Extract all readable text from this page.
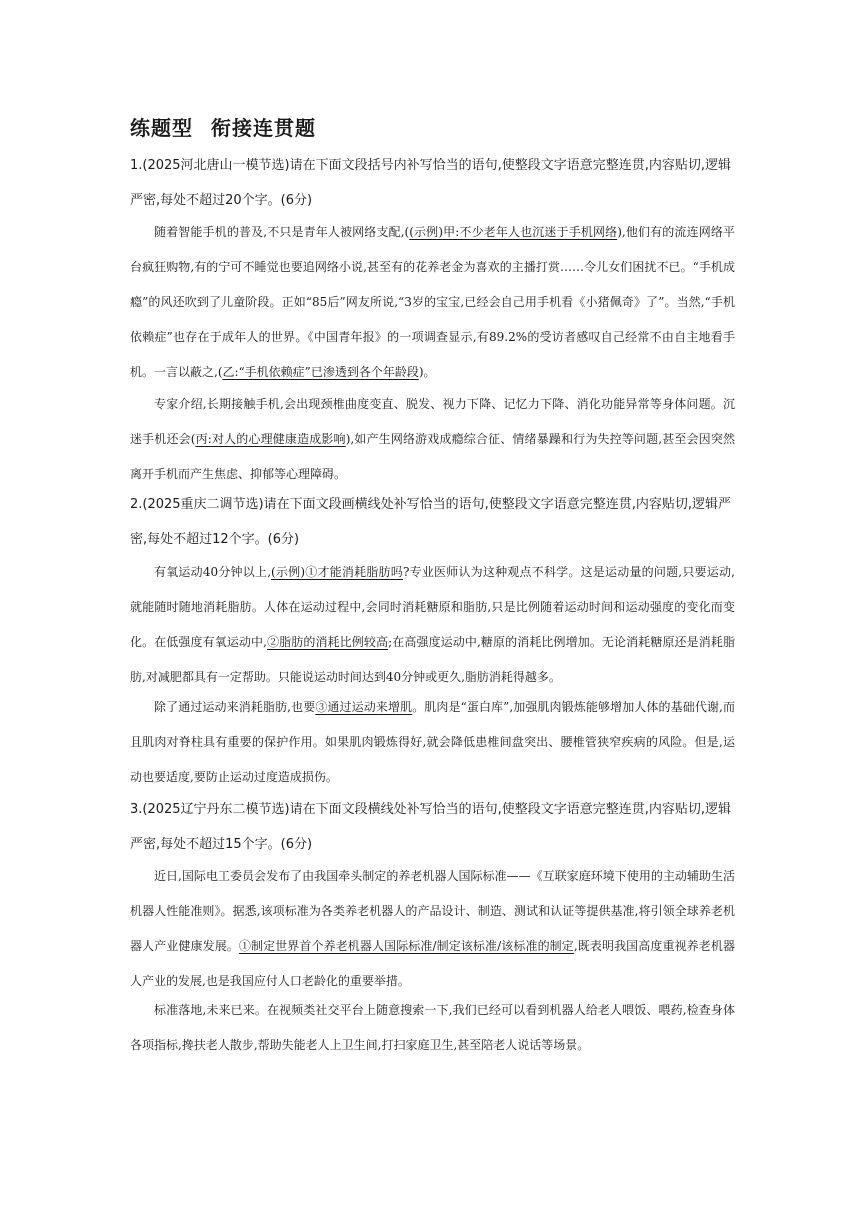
练题型 衔接连贯题
1.(2025河北唐山一模节选)请在下面文段括号内补写恰当的语句,使整段文字语意完整连贯,内容贴切,逻辑严密,每处不超过20个字。(6分)
随着智能手机的普及,不只是青年人被网络支配,((示例)甲:不少老年人也沉迷于手机网络),他们有的流连网络平台疯狂购物,有的宁可不睡觉也要追网络小说,甚至有的花养老金为喜欢的主播打赏……令儿女们困扰不已。“手机成瘾”的风还吹到了儿童阶段。正如“85后”网友所说,“3岁的宝宝,已经会自己用手机看《小猪佩奇》了”。当然,“手机依赖症”也存在于成年人的世界。《中国青年报》的一项调查显示,有89.2%的受访者感叹自己经常不由自主地看手机。一言以蔽之,(乙:“手机依赖症”已渗透到各个年龄段)。
专家介绍,长期接触手机,会出现颈椎曲度变直、脱发、视力下降、记忆力下降、消化功能异常等身体问题。沉迷手机还会(丙:对人的心理健康造成影响),如产生网络游戏成瘾综合征、情绪暴躁和行为失控等问题,甚至会因突然离开手机而产生焦虑、抑郁等心理障碍。
2.(2025重庆二调节选)请在下面文段画横线处补写恰当的语句,使整段文字语意完整连贯,内容贴切,逻辑严密,每处不超过12个字。(6分)
有氧运动40分钟以上,(示例)①才能消耗脂肪吗?专业医师认为这种观点不科学。这是运动量的问题,只要运动,就能随时随地消耗脂肪。人体在运动过程中,会同时消耗糖原和脂肪,只是比例随着运动时间和运动强度的变化而变化。在低强度有氧运动中,②脂肪的消耗比例较高;在高强度运动中,糖原的消耗比例增加。无论消耗糖原还是消耗脂肪,对减肥都具有一定帮助。只能说运动时间达到40分钟或更久,脂肪消耗得越多。
除了通过运动来消耗脂肪,也要③通过运动来增肌。肌肉是“蛋白库”,加强肌肉锻炼能够增加人体的基础代谢,而且肌肉对脊柱具有重要的保护作用。如果肌肉锻炼得好,就会降低患椎间盘突出、腰椎管狭窄疾病的风险。但是,运动也要适度,要防止运动过度造成损伤。
3.(2025辽宁丹东二模节选)请在下面文段横线处补写恰当的语句,使整段文字语意完整连贯,内容贴切,逻辑严密,每处不超过15个字。(6分)
近日,国际电工委员会发布了由我国牵头制定的养老机器人国际标准——《互联家庭环境下使用的主动辅助生活机器人性能准则》。据悉,该项标准为各类养老机器人的产品设计、制造、测试和认证等提供基准,将引领全球养老机器人产业健康发展。①制定世界首个养老机器人国际标准/制定该标准/该标准的制定,既表明我国高度重视养老机器人产业的发展,也是我国应付人口老龄化的重要举措。
标准落地,未来已来。在视频类社交平台上随意搜索一下,我们已经可以看到机器人给老人喂饭、喂药,检查身体各项指标,搀扶老人散步,帮助失能老人上卫生间,打扫家庭卫生,甚至陪老人说话等场景。
